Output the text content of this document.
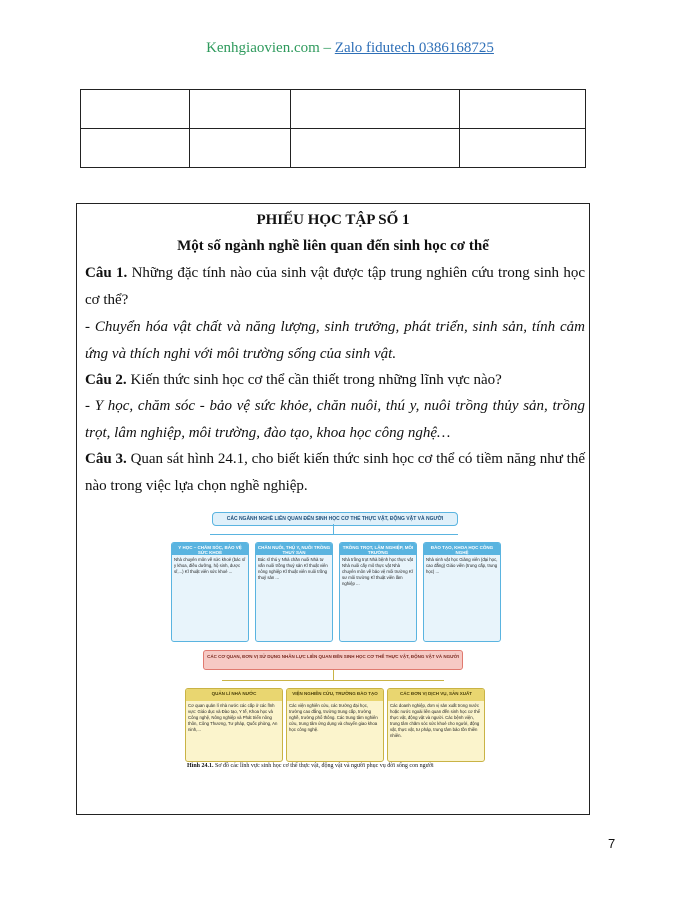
Kenhgiaovien.com – Zalo fidutech 0386168725

PHIẾU HỌC TẬP SỐ 1
Một số ngành nghề liên quan đến sinh học cơ thể
Câu 1. Những đặc tính nào của sinh vật được tập trung nghiên cứu trong sinh học cơ thể?
- Chuyển hóa vật chất và năng lượng, sinh trưởng, phát triển, sinh sản, tính cảm ứng và thích nghi với môi trường sống của sinh vật.
Câu 2. Kiến thức sinh học cơ thể cần thiết trong những lĩnh vực nào?
- Y học, chăm sóc - bảo vệ sức khỏe, chăn nuôi, thú y, nuôi trồng thủy sản, trồng trọt, lâm nghiệp, môi trường, đào tạo, khoa học công nghệ…
Câu 3. Quan sát hình 24.1, cho biết kiến thức sinh học cơ thể có tiềm năng như thế nào trong việc lựa chọn nghề nghiệp.
CÁC NGÀNH NGHỀ LIÊN QUAN ĐẾN SINH HỌC CƠ THỂ THỰC VẬT, ĐỘNG VẬT VÀ NGƯỜI
Y HỌC – CHĂM SÓC, BẢO VỆ SỨC KHOẺ
Nhà chuyên môn về sức khoẻ (bác sĩ y khoa, điều dưỡng, hộ sinh, dược sĩ,...) Kĩ thuật viên sức khoẻ ...
CHĂN NUÔI, THÚ Y, NUÔI TRỒNG THUỶ SẢN
Bác sĩ thú y Nhà chăn nuôi Nhà tư vấn nuôi trồng thuỷ sản Kĩ thuật viên nông nghiệp Kĩ thuật viên nuôi trồng thuỷ sản ...
TRỒNG TRỌT, LÂM NGHIỆP, MÔI TRƯỜNG
Nhà trồng trọt Nhà bệnh học thực vật Nhà nuôi cấy mô thực vật Nhà chuyên môn về bảo vệ môi trường Kĩ sư môi trường Kĩ thuật viên lâm nghiệp ...
ĐÀO TẠO, KHOA HỌC CÔNG NGHỆ
Nhà sinh vật học Giảng viên (đại học, cao đẳng) Giáo viên (trung cấp, trung học) ...
CÁC CƠ QUAN, ĐƠN VỊ SỬ DỤNG NHÂN LỰC LIÊN QUAN ĐẾN SINH HỌC CƠ THỂ THỰC VẬT, ĐỘNG VẬT VÀ NGƯỜI
QUẢN LÍ NHÀ NƯỚC
Cơ quan quản lí nhà nước các cấp ở các lĩnh vực: Giáo dục và Đào tạo, Y tế, Khoa học và Công nghệ, Nông nghiệp và Phát triển nông thôn, Công Thương, Tư pháp, Quốc phòng, An ninh,...
VIỆN NGHIÊN CỨU, TRƯỜNG ĐÀO TẠO
Các viện nghiên cứu, các trường đại học, trường cao đẳng, trường trung cấp, trường nghề, trường phổ thông. Các trung tâm nghiên cứu, trung tâm ứng dụng và chuyển giao khoa học công nghệ.
CÁC ĐƠN VỊ DỊCH VỤ, SẢN XUẤT
Các doanh nghiệp, đơn vị sản xuất trong nước hoặc nước ngoài liên quan đến sinh học cơ thể thực vật, động vật và người. Các bệnh viện, trung tâm chăm sóc sức khoẻ cho người, động vật, thực vật, tư pháp, trung tâm bảo tồn thiên nhiên.
Hình 24.1. Sơ đồ các lĩnh vực sinh học cơ thể thực vật, động vật và người phục vụ đời sống con người
7
